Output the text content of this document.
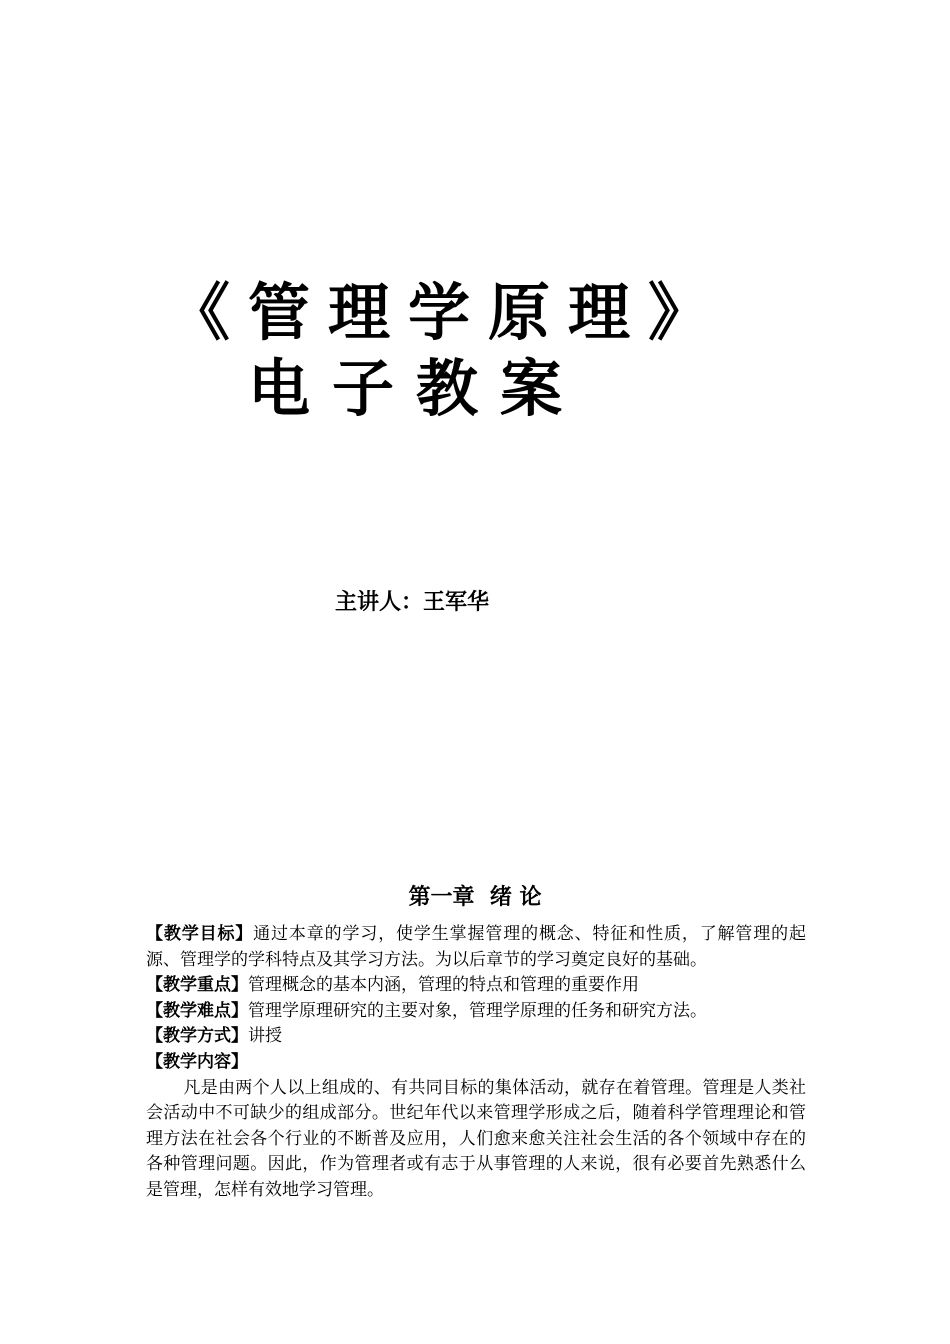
《管理学原理》
电子教案
主讲人：王军华
第一章  绪 论

【教学目标】通过本章的学习，使学生掌握管理的概念、特征和性质，了解管理的起源、管理学的学科特点及其学习方法。为以后章节的学习奠定良好的基础。

【教学重点】管理概念的基本内涵，管理的特点和管理的重要作用

【教学难点】管理学原理研究的主要对象，管理学原理的任务和研究方法。

【教学方式】讲授

【教学内容】

凡是由两个人以上组成的、有共同目标的集体活动，就存在着管理。管理是人类社会活动中不可缺少的组成部分。世纪年代以来管理学形成之后，随着科学管理理论和管理方法在社会各个行业的不断普及应用，人们愈来愈关注社会生活的各个领域中存在的各种管理问题。因此，作为管理者或有志于从事管理的人来说，很有必要首先熟悉什么是管理，怎样有效地学习管理。
